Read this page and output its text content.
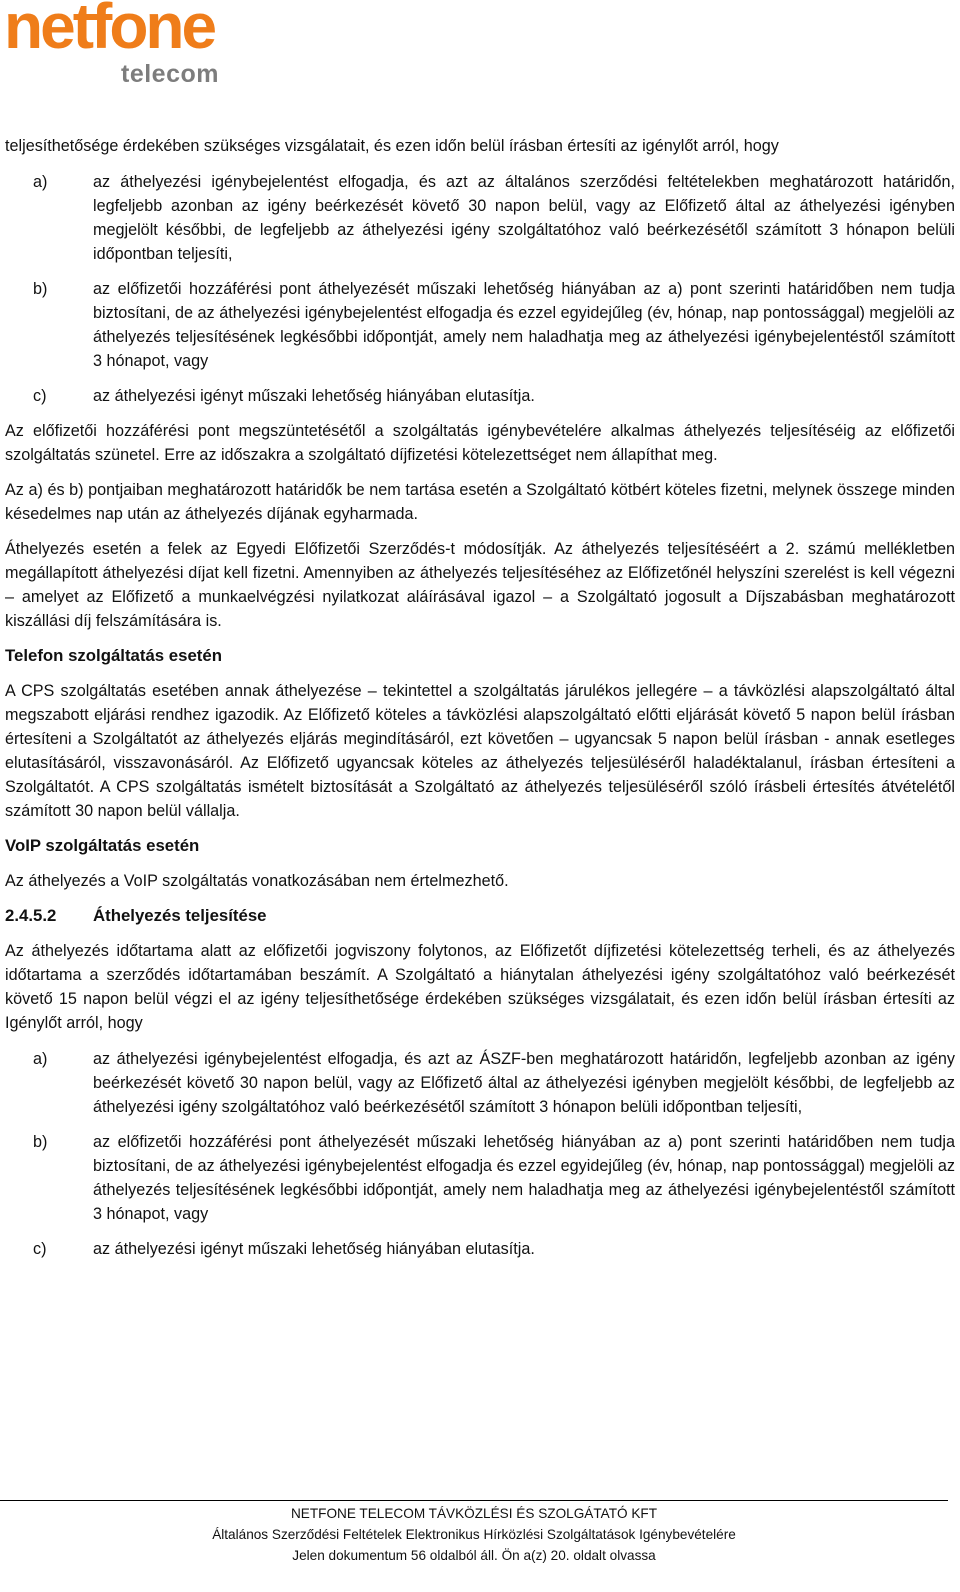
netfone
telecom

teljesíthetősége érdekében szükséges vizsgálatait, és ezen időn belül írásban értesíti az igénylőt arról, hogy

a)	az áthelyezési igénybejelentést elfogadja, és azt az általános szerződési feltételekben meghatározott határidőn, legfeljebb azonban az igény beérkezését követő 30 napon belül, vagy az Előfizető által az áthelyezési igényben megjelölt későbbi, de legfeljebb az áthelyezési igény szolgáltatóhoz való beérkezésétől számított 3 hónapon belüli időpontban teljesíti,

b)	az előfizetői hozzáférési pont áthelyezését műszaki lehetőség hiányában az a) pont szerinti határidőben nem tudja biztosítani, de az áthelyezési igénybejelentést elfogadja és ezzel egyidejűleg (év, hónap, nap pontossággal) megjelöli az áthelyezés teljesítésének legkésőbbi időpontját, amely nem haladhatja meg az áthelyezési igénybejelentéstől számított 3 hónapot, vagy

c)	az áthelyezési igényt műszaki lehetőség hiányában elutasítja.

Az előfizetői hozzáférési pont megszüntetésétől a szolgáltatás igénybevételére alkalmas áthelyezés teljesítéséig az előfizetői szolgáltatás szünetel. Erre az időszakra a szolgáltató díjfizetési kötelezettséget nem állapíthat meg.

Az a) és b) pontjaiban meghatározott határidők be nem tartása esetén a Szolgáltató kötbért köteles fizetni, melynek összege minden késedelmes nap után az áthelyezés díjának egyharmada.

Áthelyezés esetén a felek az Egyedi Előfizetői Szerződés-t módosítják. Az áthelyezés teljesítéséért a 2. számú mellékletben megállapított áthelyezési díjat kell fizetni. Amennyiben az áthelyezés teljesítéséhez az Előfizetőnél helyszíni szerelést is kell végezni – amelyet az Előfizető a munkaelvégzési nyilatkozat aláírásával igazol – a Szolgáltató jogosult a Díjszabásban meghatározott kiszállási díj felszámítására is.

Telefon szolgáltatás esetén

A CPS szolgáltatás esetében annak áthelyezése – tekintettel a szolgáltatás járulékos jellegére – a távközlési alapszolgáltató által megszabott eljárási rendhez igazodik. Az Előfizető köteles a távközlési alapszolgáltató előtti eljárását követő 5 napon belül írásban értesíteni a Szolgáltatót az áthelyezés eljárás megindításáról, ezt követően – ugyancsak 5 napon belül írásban - annak esetleges elutasításáról, visszavonásáról. Az Előfizető ugyancsak köteles az áthelyezés teljesüléséről haladéktalanul, írásban értesíteni a Szolgáltatót. A CPS szolgáltatás ismételt biztosítását a Szolgáltató az áthelyezés teljesüléséről szóló írásbeli értesítés átvételétől számított 30 napon belül vállalja.

VoIP szolgáltatás esetén

Az áthelyezés a VoIP szolgáltatás vonatkozásában nem értelmezhető.

2.4.5.2 Áthelyezés teljesítése

Az áthelyezés időtartama alatt az előfizetői jogviszony folytonos, az Előfizetőt díjfizetési kötelezettség terheli, és az áthelyezés időtartama a szerződés időtartamában beszámít. A Szolgáltató a hiánytalan áthelyezési igény szolgáltatóhoz való beérkezését követő 15 napon belül végzi el az igény teljesíthetősége érdekében szükséges vizsgálatait, és ezen időn belül írásban értesíti az Igénylőt arról, hogy

a)	az áthelyezési igénybejelentést elfogadja, és azt az ÁSZF-ben meghatározott határidőn, legfeljebb azonban az igény beérkezését követő 30 napon belül, vagy az Előfizető által az áthelyezési igényben megjelölt későbbi, de legfeljebb az áthelyezési igény szolgáltatóhoz való beérkezésétől számított 3 hónapon belüli időpontban teljesíti,

b)	az előfizetői hozzáférési pont áthelyezését műszaki lehetőség hiányában az a) pont szerinti határidőben nem tudja biztosítani, de az áthelyezési igénybejelentést elfogadja és ezzel egyidejűleg (év, hónap, nap pontossággal) megjelöli az áthelyezés teljesítésének legkésőbbi időpontját, amely nem haladhatja meg az áthelyezési igénybejelentéstől számított 3 hónapot, vagy

c)	az áthelyezési igényt műszaki lehetőség hiányában elutasítja.

NETFONE TELECOM TÁVKÖZLÉSI ÉS SZOLGÁTATÓ KFT
Általános Szerződési Feltételek Elektronikus Hírközlési Szolgáltatások Igénybevételére
Jelen dokumentum 56 oldalból áll. Ön a(z) 20. oldalt olvassa
